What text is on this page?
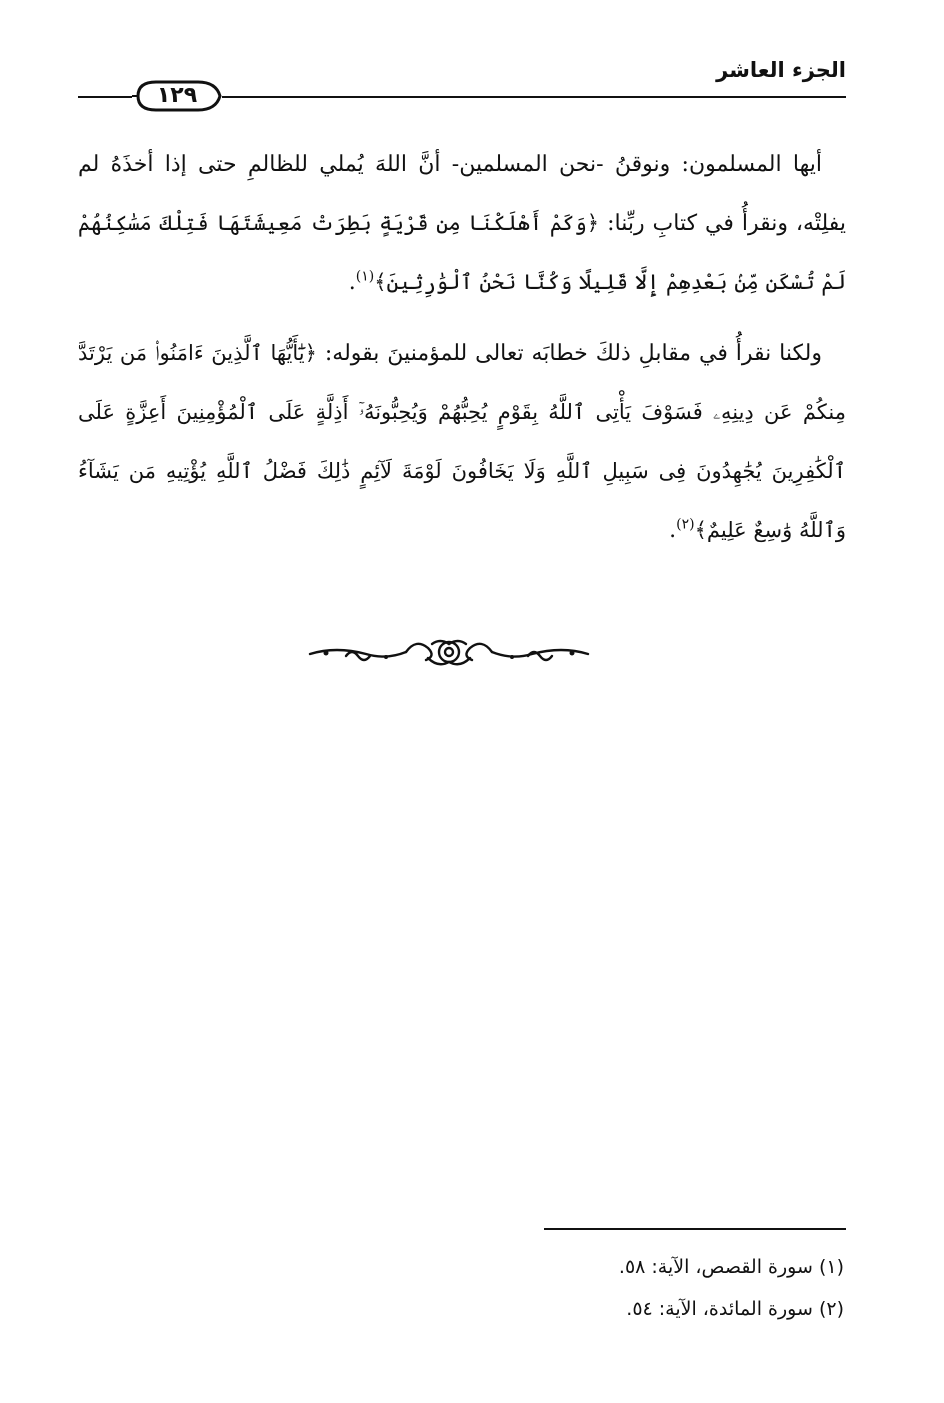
الجزء العاشر
١٢٩

أيها المسلمون: ونوقنُ -نحن المسلمين- أنَّ اللهَ يُملي للظالمِ حتى إذا أخذَهُ لم يفلِتْه، ونقرأُ في كتابِ ربِّنا: ﴿وَكَمْ أَهْلَكْنَا مِن قَرْيَةٍ بَطِرَتْ مَعِيشَتَهَا فَتِلْكَ مَسَٰكِنُهُمْ لَمْ تُسْكَن مِّنۢ بَعْدِهِمْ إِلَّا قَلِيلًا وَكُنَّا نَحْنُ ٱلْوَٰرِثِينَ﴾$^{(١)}$.

ولكنا نقرأُ في مقابلِ ذلكَ خطابَه تعالى للمؤمنينَ بقوله: ﴿يَٰٓأَيُّهَا ٱلَّذِينَ ءَامَنُوا۟ مَن يَرْتَدَّ مِنكُمْ عَن دِينِهِۦ فَسَوْفَ يَأْتِى ٱللَّهُ بِقَوْمٍ يُحِبُّهُمْ وَيُحِبُّونَهُۥٓ أَذِلَّةٍ عَلَى ٱلْمُؤْمِنِينَ أَعِزَّةٍ عَلَى ٱلْكَٰفِرِينَ يُجَٰهِدُونَ فِى سَبِيلِ ٱللَّهِ وَلَا يَخَافُونَ لَوْمَةَ لَآئِمٍ ذَٰلِكَ فَضْلُ ٱللَّهِ يُؤْتِيهِ مَن يَشَآءُ وَٱللَّهُ وَٰسِعٌ عَلِيمٌ﴾$^{(٢)}$.

(١) سورة القصص، الآية: ٥٨.
(٢) سورة المائدة، الآية: ٥٤.
